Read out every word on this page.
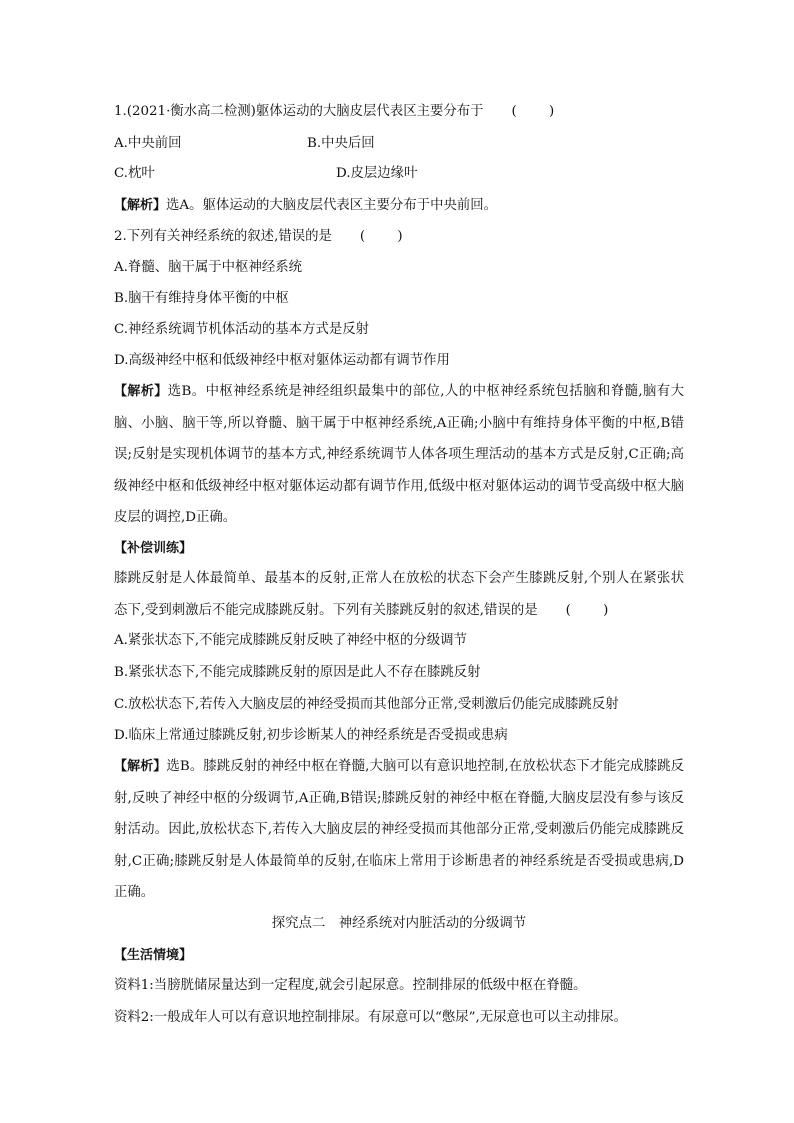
1.(2021·衡水高二检测)躯体运动的大脑皮层代表区主要分布于 ( )
A.中央前回	B.中央后回
C.枕叶	D.皮层边缘叶
【解析】选A。躯体运动的大脑皮层代表区主要分布于中央前回。
2.下列有关神经系统的叙述,错误的是 ( )
A.脊髓、脑干属于中枢神经系统
B.脑干有维持身体平衡的中枢
C.神经系统调节机体活动的基本方式是反射
D.高级神经中枢和低级神经中枢对躯体运动都有调节作用
【解析】选B。中枢神经系统是神经组织最集中的部位,人的中枢神经系统包括脑和脊髓,脑有大脑、小脑、脑干等,所以脊髓、脑干属于中枢神经系统,A正确;小脑中有维持身体平衡的中枢,B错误;反射是实现机体调节的基本方式,神经系统调节人体各项生理活动的基本方式是反射,C正确;高级神经中枢和低级神经中枢对躯体运动都有调节作用,低级中枢对躯体运动的调节受高级中枢大脑皮层的调控,D正确。
【补偿训练】
膝跳反射是人体最简单、最基本的反射,正常人在放松的状态下会产生膝跳反射,个别人在紧张状态下,受到刺激后不能完成膝跳反射。下列有关膝跳反射的叙述,错误的是 ( )
A.紧张状态下,不能完成膝跳反射反映了神经中枢的分级调节
B.紧张状态下,不能完成膝跳反射的原因是此人不存在膝跳反射
C.放松状态下,若传入大脑皮层的神经受损而其他部分正常,受刺激后仍能完成膝跳反射
D.临床上常通过膝跳反射,初步诊断某人的神经系统是否受损或患病
【解析】选B。膝跳反射的神经中枢在脊髓,大脑可以有意识地控制,在放松状态下才能完成膝跳反射,反映了神经中枢的分级调节,A正确,B错误;膝跳反射的神经中枢在脊髓,大脑皮层没有参与该反射活动。因此,放松状态下,若传入大脑皮层的神经受损而其他部分正常,受刺激后仍能完成膝跳反射,C正确;膝跳反射是人体最简单的反射,在临床上常用于诊断患者的神经系统是否受损或患病,D正确。
探究点二　神经系统对内脏活动的分级调节
【生活情境】
资料1:当膀胱储尿量达到一定程度,就会引起尿意。控制排尿的低级中枢在脊髓。
资料2:一般成年人可以有意识地控制排尿。有尿意可以“憋尿”,无尿意也可以主动排尿。
